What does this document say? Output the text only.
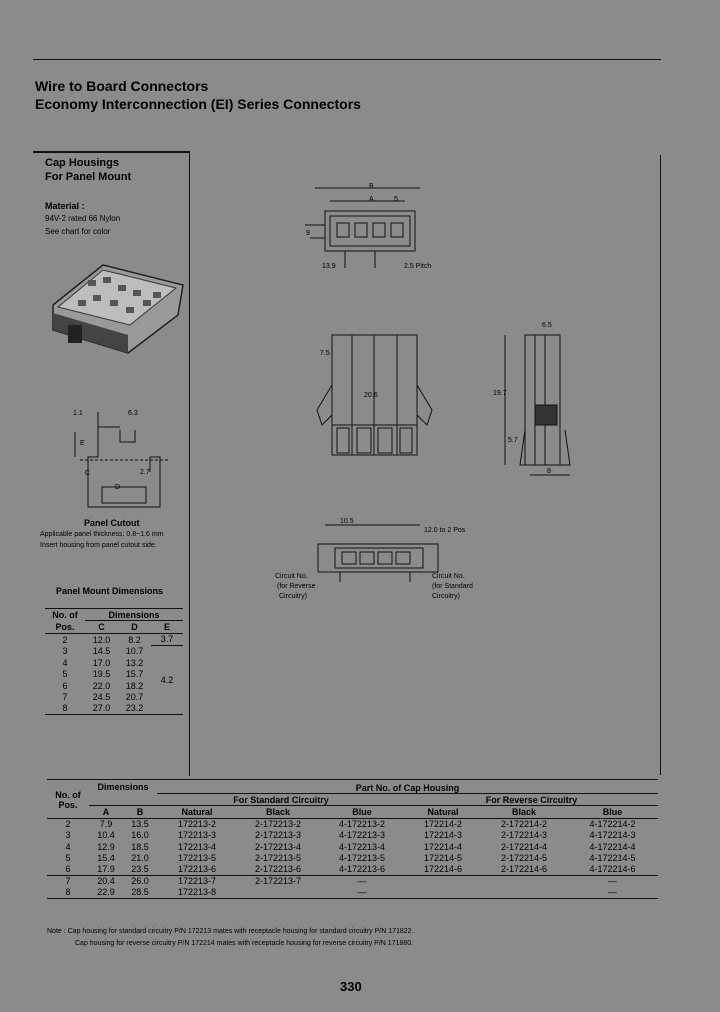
Wire to Board Connectors
Economy Interconnection (EI) Series Connectors
Cap Housings
For Panel Mount
Material :
94V-2 rated 66 Nylon
See chart for color
1.1	6.3
E
C	2.7
D
Panel Cutout
Applicable panel thickness: 0.8~1.6 mm
Insert housing from panel cutout side.
Panel Mount Dimensions
No. of	Dimensions		
Pos.	C	D	E
2	12.0	8.2	3.7
3	14.5	10.7	4.2
4	17.0	13.2	
5	19.5	15.7	
6	22.0	18.2	
7	24.5	20.7	
8	27.0	23.2	
B
A	5
9
13.9	2.5 Pitch
7.5
20.6
6.5
19.7
5.7
8
10.5
12.0 to 2 Pos
Circuit No.
(for Reverse
Circuitry)
Circuit No.
(for Standard
Circuitry)
No. of
Pos.	Dimensions		Part No. of Cap Housing					
			For Standard Circuitry			For Reverse Circuitry		
	A	B	Natural	Black	Blue	Natural	Black	Blue
2	7.9	13.5	172213-2	2-172213-2	4-172213-2	172214-2	2-172214-2	4-172214-2
3	10.4	16.0	172213-3	2-172213-3	4-172213-3	172214-3	2-172214-3	4-172214-3
4	12.9	18.5	172213-4	2-172213-4	4-172213-4	172214-4	2-172214-4	4-172214-4
5	15.4	21.0	172213-5	2-172213-5	4-172213-5	172214-5	2-172214-5	4-172214-5
6	17.9	23.5	172213-6	2-172213-6	4-172213-6	172214-6	2-172214-6	4-172214-6
7	20.4	26.0	172213-7	2-172213-7	—			—
8	22.9	28.5	172213-8		—			—
Note : Cap housing for standard circuitry P/N 172213 mates with receptacle housing for standard circuitry P/N 171822.
Cap housing for reverse circuitry P/N 172214 mates with receptacle housing for reverse circuitry P/N 171880.
330
